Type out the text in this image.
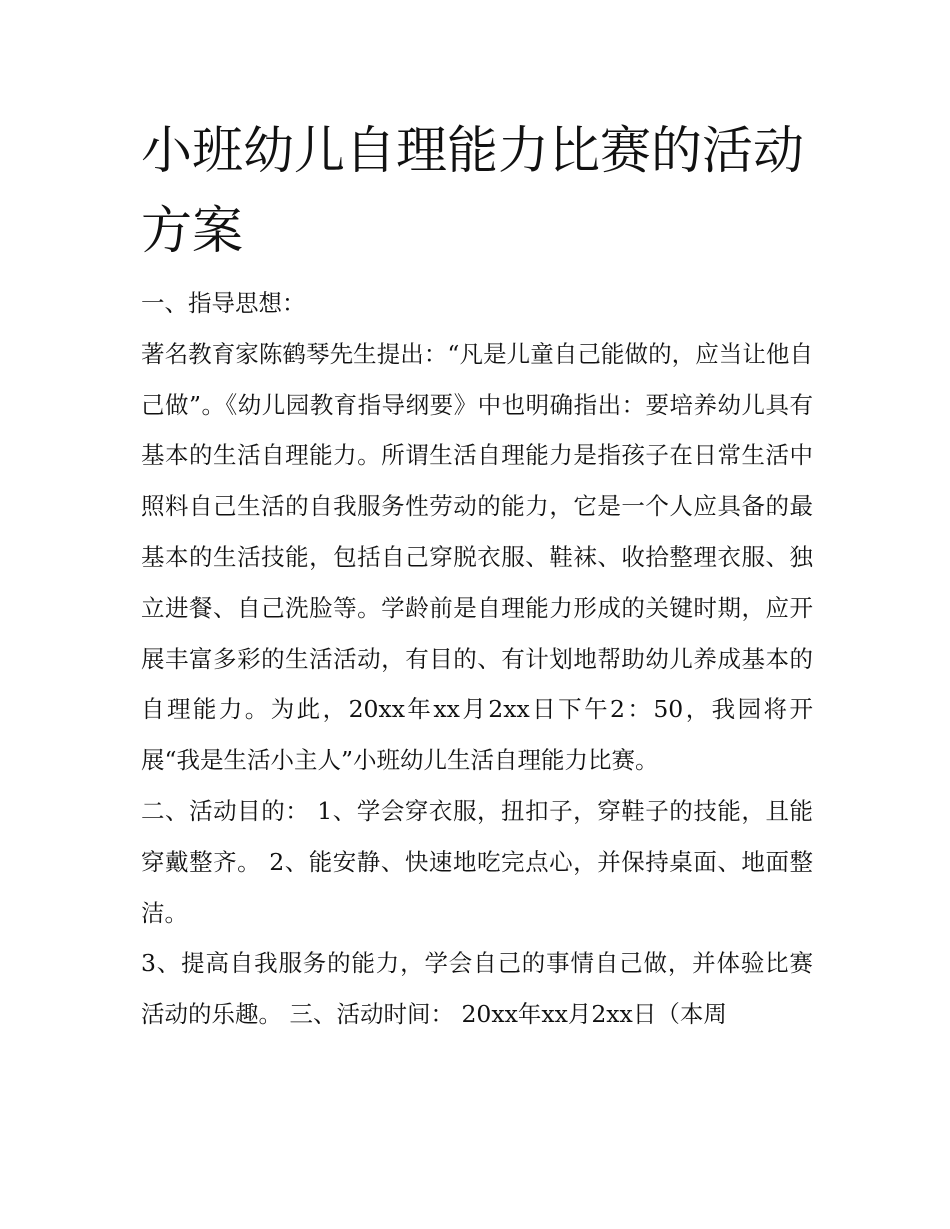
小班幼儿自理能力比赛的活动方案

一、指导思想：

著名教育家陈鹤琴先生提出：“凡是儿童自己能做的，应当让他自己做”。《幼儿园教育指导纲要》中也明确指出：要培养幼儿具有基本的生活自理能力。所谓生活自理能力是指孩子在日常生活中照料自己生活的自我服务性劳动的能力，它是一个人应具备的最基本的生活技能，包括自己穿脱衣服、鞋袜、收拾整理衣服、独立进餐、自己洗脸等。学龄前是自理能力形成的关键时期，应开展丰富多彩的生活活动，有目的、有计划地帮助幼儿养成基本的自理能力。为此，20xx年xx月2xx日下午2：50，我园将开展“我是生活小主人”小班幼儿生活自理能力比赛。

二、活动目的： 1、学会穿衣服，扭扣子，穿鞋子的技能，且能穿戴整齐。 2、能安静、快速地吃完点心，并保持桌面、地面整洁。

3、提高自我服务的能力，学会自己的事情自己做，并体验比赛活动的乐趣。 三、活动时间： 20xx年xx月2xx日（本周
